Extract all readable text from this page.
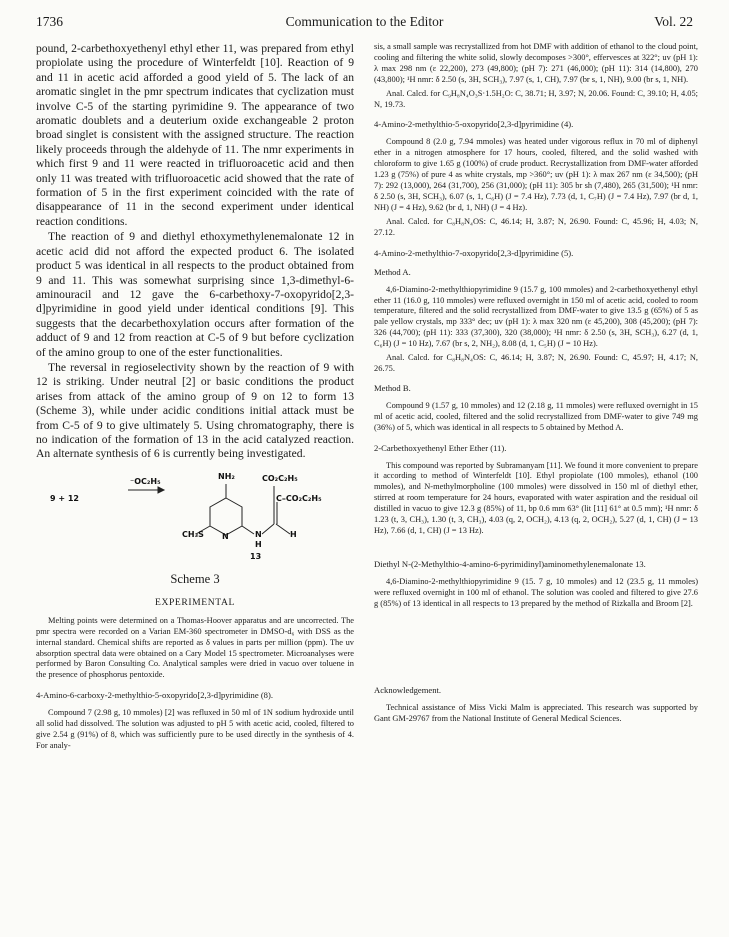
1736	Communication to the Editor	Vol. 22

pound, 2-carbethoxyethenyl ethyl ether 11, was prepared from ethyl propiolate using the procedure of Winterfeldt [10]. Reaction of 9 and 11 in acetic acid afforded a good yield of 5. The lack of an aromatic singlet in the pmr spectrum indicates that cyclization must involve C-5 of the starting pyrimidine 9. The appearance of two aromatic doublets and a deuterium oxide exchangeable 2 proton broad singlet is consistent with the assigned structure. The reaction likely proceeds through the aldehyde of 11. The nmr experiments in which first 9 and 11 were reacted in trifluoroacetic acid and then only 11 was treated with trifluoroacetic acid showed that the rate of formation of 5 in the first experiment coincided with the rate of disappearance of 11 in the second experiment under identical reaction conditions.

The reaction of 9 and diethyl ethoxymethylenemalonate 12 in acetic acid did not afford the expected product 6. The isolated product 5 was identical in all respects to the product obtained from 9 and 11. This was somewhat surprising since 1,3-dimethyl-6-aminouracil and 12 gave the 6-carbethoxy-7-oxopyrido[2,3-d]pyrimidine in good yield under identical conditions [9]. This suggests that the decarbethoxylation occurs after formation of the adduct of 9 and 12 from reaction at C-5 of 9 but before cyclization of the amino group to one of the ester functionalities.

The reversal in regioselectivity shown by the reaction of 9 with 12 is striking. Under neutral [2] or basic conditions the product arises from attack of the amino group of 9 on 12 to form 13 (Scheme 3), while under acidic conditions initial attack must be from C-5 of 9 to give ultimately 5. Using chromatography, there is no indication of the formation of 13 in the acid catalyzed reaction. An alternate synthesis of 6 is currently being investigated.

9 + 12
⁻OC₂H₅
NH₂	CO₂C₂H₅
C–CO₂C₂H₅
CH₃S N	N
H
H
13

Scheme 3

EXPERIMENTAL

Melting points were determined on a Thomas-Hoover apparatus and are uncorrected. The pmr spectra were recorded on a Varian EM-360 spectrometer in DMSO-d₆ with DSS as the internal standard. Chemical shifts are reported as δ values in parts per million (ppm). The uv absorption spectral data were obtained on a Cary Model 15 spectrometer. Microanalyses were performed by Baron Consulting Co. Analytical samples were dried in vacuo over toluene in the presence of phosphorus pentoxide.

4-Amino-6-carboxy-2-methylthio-5-oxopyrido[2,3-d]pyrimidine (8).

Compound 7 (2.98 g, 10 mmoles) [2] was refluxed in 50 ml of 1N sodium hydroxide until all solid had dissolved. The solution was adjusted to pH 5 with acetic acid, cooled, filtered to give 2.54 g (91%) of 8, which was sufficiently pure to be used directly in the synthesis of 4. For analy-

sis, a small sample was recrystallized from hot DMF with addition of ethanol to the cloud point, cooling and filtering the white solid, slowly decomposes >300°, effervesces at 322°; uv (pH 1): λ max 298 nm (ε 22,200), 273 (49,800); (pH 7): 271 (46,000); (pH 11): 314 (14,800), 270 (43,800); ¹H nmr: δ 2.50 (s, 3H, SCH₃), 7.97 (s, 1, CH), 7.97 (br s, 1, NH), 9.00 (br s, 1, NH).

Anal. Calcd. for C₉H₈N₄O₃S·1.5H₂O: C, 38.71; H, 3.97; N, 20.06. Found: C, 39.10; H, 4.05; N, 19.73.

4-Amino-2-methylthio-5-oxopyrido[2,3-d]pyrimidine (4).

Compound 8 (2.0 g, 7.94 mmoles) was heated under vigorous reflux in 70 ml of diphenyl ether in a nitrogen atmosphere for 17 hours, cooled, filtered, and the solid washed with chloroform to give 1.65 g (100%) of crude product. Recrystallization from DMF-water afforded 1.23 g (75%) of pure 4 as white crystals, mp >360°; uv (pH 1): λ max 267 nm (ε 34,500); (pH 7): 292 (13,000), 264 (31,700), 256 (31,000); (pH 11): 305 br sh (7,480), 265 (31,500); ¹H nmr: δ 2.50 (s, 3H, SCH₃), 6.07 (s, 1, C₆H) (J = 7.4 Hz), 7.73 (d, 1, C₇H) (J = 7.4 Hz), 7.97 (br d, 1, NH) (J = 4 Hz), 9.62 (br d, 1, NH) (J = 4 Hz).

Anal. Calcd. for C₈H₈N₄OS: C, 46.14; H, 3.87; N, 26.90. Found: C, 45.96; H, 4.03; N, 27.12.

4-Amino-2-methylthio-7-oxopyrido[2,3-d]pyrimidine (5).

Method A.

4,6-Diamino-2-methylthiopyrimidine 9 (15.7 g, 100 mmoles) and 2-carbethoxyethenyl ethyl ether 11 (16.0 g, 110 mmoles) were refluxed overnight in 150 ml of acetic acid, cooled to room temperature, filtered and the solid recrystallized from DMF-water to give 13.5 g (65%) of 5 as pale yellow crystals, mp 333° dec; uv (pH 1): λ max 320 nm (ε 45,200), 308 (45,200); (pH 7): 326 (44,700); (pH 11): 333 (37,300), 320 (38,000); ¹H nmr: δ 2.50 (s, 3H, SCH₃), 6.27 (d, 1, C₆H) (J = 10 Hz), 7.67 (br s, 2, NH₂), 8.08 (d, 1, C₅H) (J = 10 Hz).

Anal. Calcd. for C₈H₈N₄OS: C, 46.14; H, 3.87; N, 26.90. Found: C, 45.97; H, 4.17; N, 26.75.

Method B.

Compound 9 (1.57 g, 10 mmoles) and 12 (2.18 g, 11 mmoles) were refluxed overnight in 15 ml of acetic acid, cooled, filtered and the solid recrystallized from DMF-water to give 749 mg (36%) of 5, which was identical in all respects to 5 obtained by Method A.

2-Carbethoxyethenyl Ether Ether (11).

This compound was reported by Subramanyam [11]. We found it more convenient to prepare it according to method of Winterfeldt [10]. Ethyl propiolate (100 mmoles), ethanol (100 mmoles), and N-methylmorpholine (100 mmoles) were dissolved in 150 ml of diethyl ether, stirred at room temperature for 24 hours, evaporated with water aspiration and the residual oil distilled in vacuo to give 12.3 g (85%) of 11, bp 0.6 mm 63° (lit [11] 61° at 0.5 mm); ¹H nmr: δ 1.23 (t, 3, CH₃), 1.30 (t, 3, CH₃), 4.03 (q, 2, OCH₂), 4.13 (q, 2, OCH₂), 5.27 (d, 1, CH) (J = 13 Hz), 7.66 (d, 1, CH) (J = 13 Hz).

Diethyl N-(2-Methylthio-4-amino-6-pyrimidinyl)aminomethylenemalonate 13.

4,6-Diamino-2-methylthiopyrimidine 9 (15. 7 g, 10 mmoles) and 12 (23.5 g, 11 mmoles) were refluxed overnight in 100 ml of ethanol. The solution was cooled and filtered to give 27.6 g (85%) of 13 identical in all respects to 13 prepared by the method of Rizkalla and Broom [2].

Acknowledgement.

Technical assistance of Miss Vicki Malm is appreciated. This research was supported by Gant GM-29767 from the National Institute of General Medical Sciences.
